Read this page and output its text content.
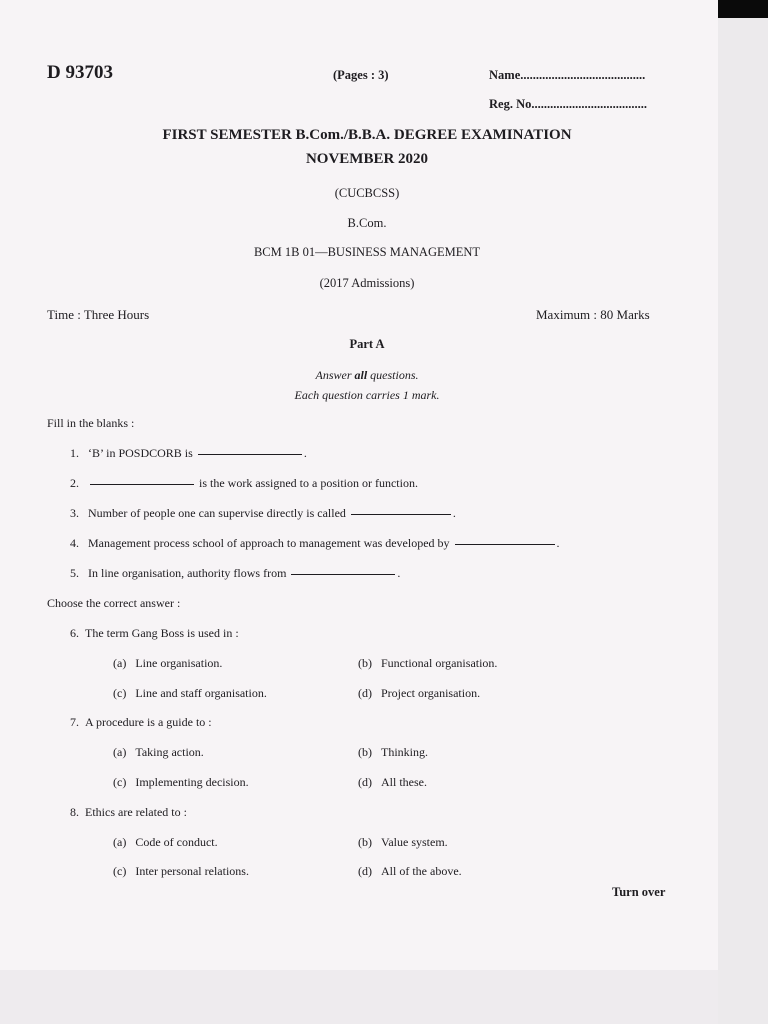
D 93703	(Pages : 3)	Name........................................
Reg. No.....................................
FIRST SEMESTER B.Com./B.B.A. DEGREE EXAMINATION
NOVEMBER 2020
(CUCBCSS)
B.Com.
BCM 1B 01—BUSINESS MANAGEMENT
(2017 Admissions)
Time : Three Hours	Maximum : 80 Marks
Part A
Answer all questions.
Each question carries 1 mark.
Fill in the blanks :
1. ‘B’ in POSDCORB is	.
2.	is the work assigned to a position or function.
3. Number of people one can supervise directly is called	.
4. Management process school of approach to management was developed by	.
5. In line organisation, authority flows from	.
Choose the correct answer :
6. The term Gang Boss is used in :
(a) Line organisation.	(b) Functional organisation.
(c) Line and staff organisation.	(d) Project organisation.
7. A procedure is a guide to :
(a) Taking action.	(b) Thinking.
(c) Implementing decision.	(d) All these.
8. Ethics are related to :
(a) Code of conduct.	(b) Value system.
(c) Inter personal relations.	(d) All of the above.
Turn over
